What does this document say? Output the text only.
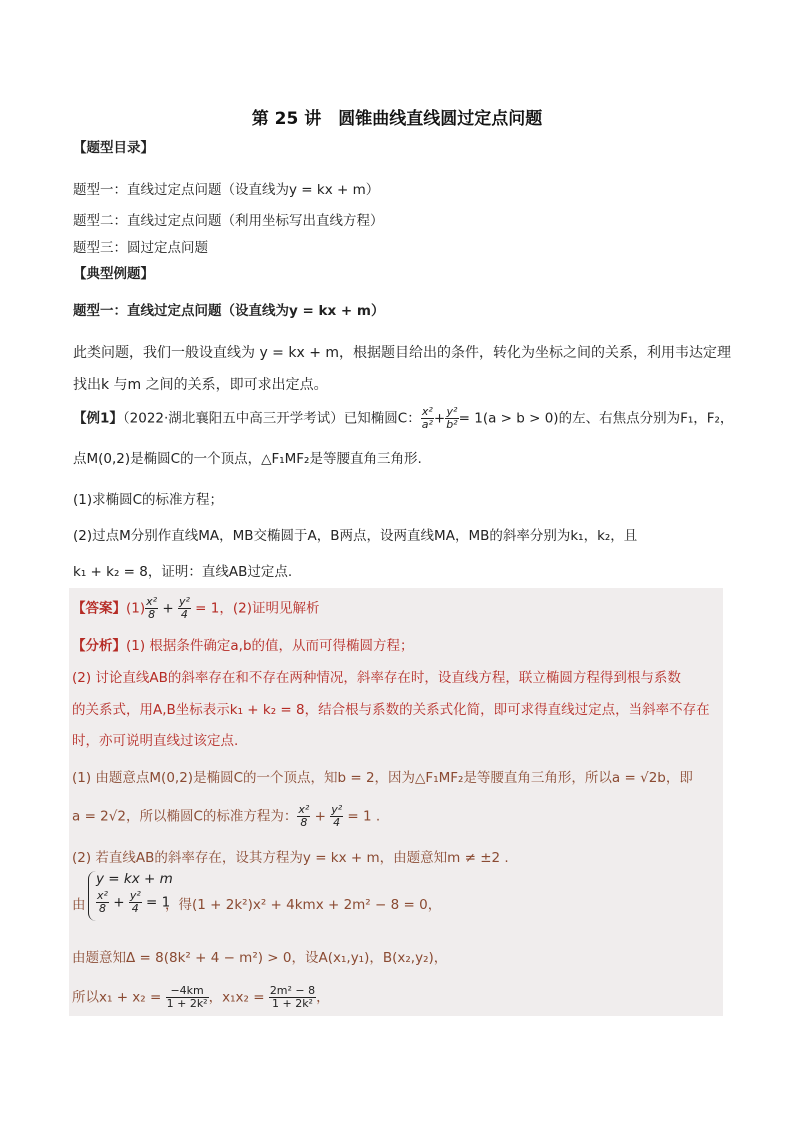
第 25 讲　圆锥曲线直线圆过定点问题
【题型目录】
题型一：直线过定点问题（设直线为y = kx + m）
题型二：直线过定点问题（利用坐标写出直线方程）
题型三：圆过定点问题
【典型例题】
题型一：直线过定点问题（设直线为y = kx + m）
此类问题，我们一般设直线为 y = kx + m，根据题目给出的条件，转化为坐标之间的关系，利用韦达定理
找出k 与m 之间的关系，即可求出定点。
【例1】（2022·湖北襄阳五中高三开学考试）已知椭圆C： $\frac{\text{x²}}{\text{a²}} + \frac{\text{y²}}{\text{b²}} = 1(a > b > 0)$的左、右焦点分别为F₁，F₂，
点M(0,2)是椭圆C的一个顶点，△F₁MF₂是等腰直角三角形.
(1)求椭圆C的标准方程；
(2)过点M分别作直线MA，MB交椭圆于A，B两点，设两直线MA，MB的斜率分别为k₁，k₂，且
k₁ + k₂ = 8，证明：直线AB过定点.
【答案】$(1) \frac{\text{x²}}{8} + \frac{\text{y²}}{4} = 1$，(2)证明见解析
【分析】(1) 根据条件确定a,b的值，从而可得椭圆方程；
(2) 讨论直线AB的斜率存在和不存在两种情况，斜率存在时，设直线方程，联立椭圆方程得到根与系数
的关系式，用A,B坐标表示k₁ + k₂ = 8，结合根与系数的关系式化简，即可求得直线过定点，当斜率不存在
时，亦可说明直线过该定点.
(1) 由题意点M(0,2)是椭圆C的一个顶点，知b = 2，因为△F₁MF₂是等腰直角三角形，所以a = √2b，即
a = 2√2，所以椭圆C的标准方程为： $\frac{\text{x²}}{8} + \frac{\text{y²}}{4} = 1$ .
(2) 若直线AB的斜率存在，设其方程为y = kx + m，由题意知m ≠ ±2 .
由
y = kx + m
$\frac{\text{x²}}{8} + \frac{\text{y²}}{4} = 1$
，得(1 + 2k²)x² + 4kmx + 2m² − 8 = 0，
由题意知Δ = 8(8k² + 4 − m²) > 0，设A(x₁,y₁)，B(x₂,y₂)，
所以$x_1 + x_2 = \frac{-4km}{\text{1 + 2k²}}$ ，$x_1x_2 = \frac{\text{2m² − 8}}{\text{1 + 2k²}}$ ，
